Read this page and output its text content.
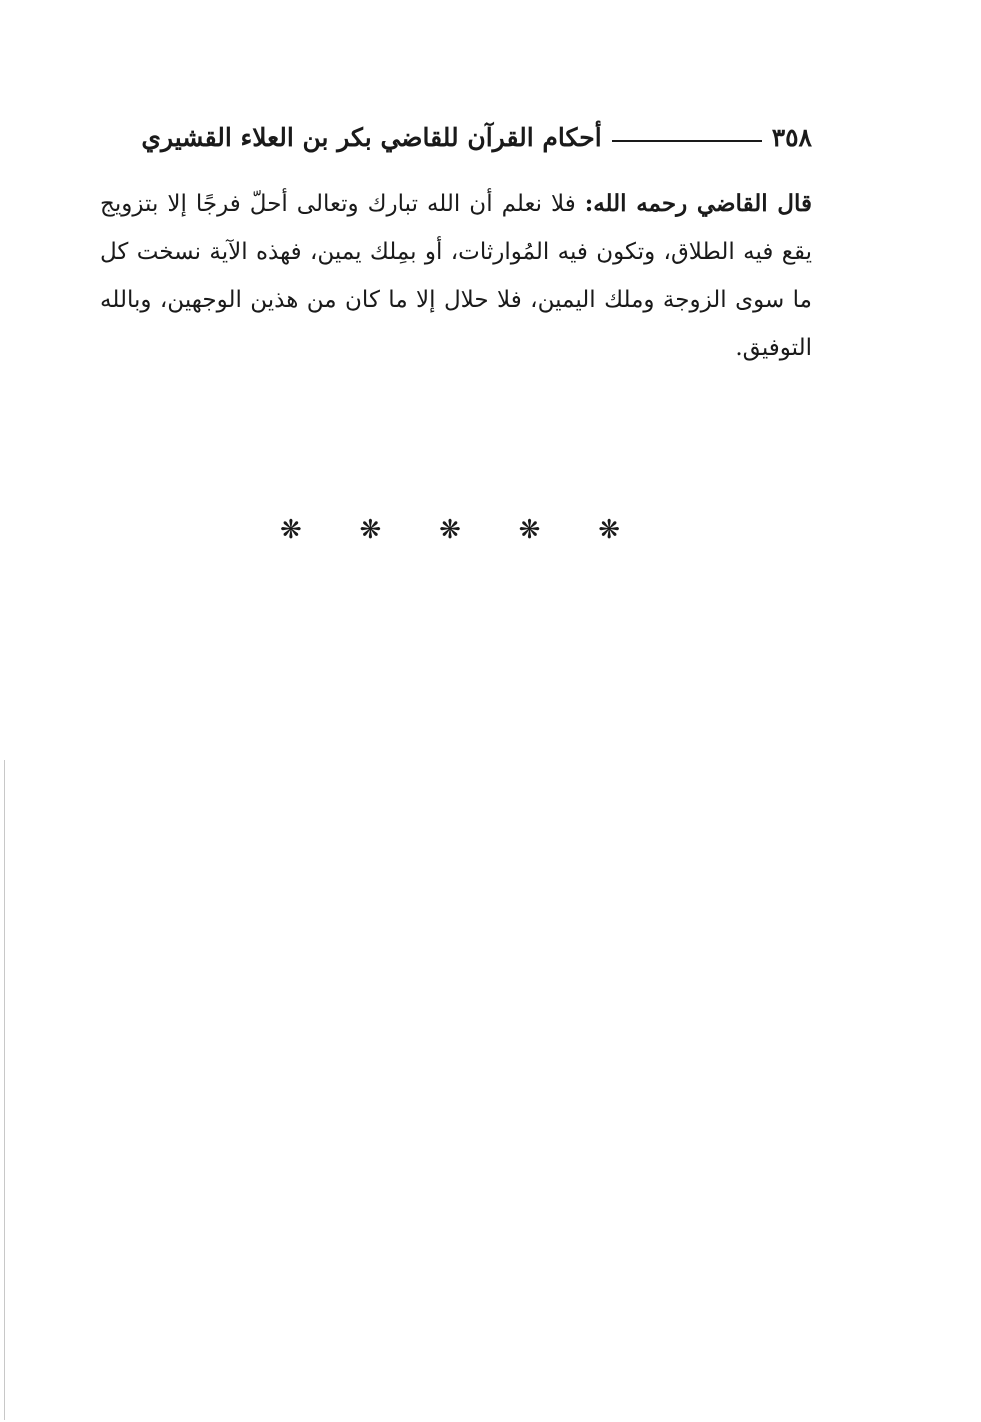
٣٥٨
أحكام القرآن للقاضي بكر بن العلاء القشيري
قال القاضي رحمه الله: فلا نعلم أن الله تبارك وتعالى أحلّ فرجًا إلا بتزويج يقع فيه الطلاق، وتكون فيه المُوارثات، أو بمِلك يمين، فهذه الآية نسخت كل ما سوى الزوجة وملك اليمين، فلا حلال إلا ما كان من هذين الوجهين، وبالله التوفيق.
❋ ❋ ❋ ❋ ❋
